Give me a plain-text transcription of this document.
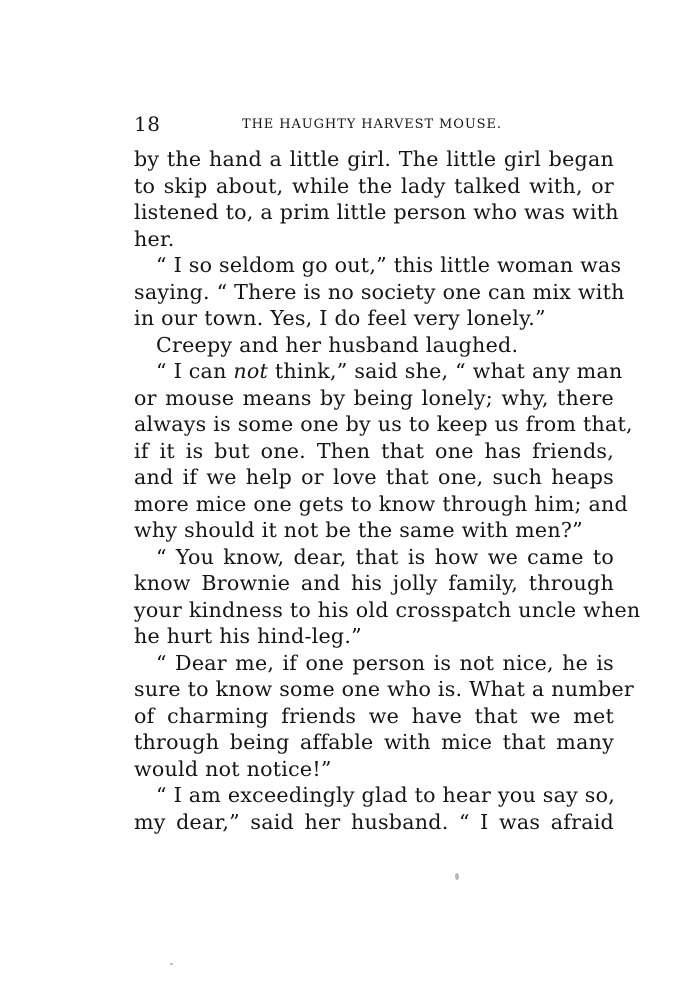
18	THE HAUGHTY HARVEST MOUSE.
by the hand a little girl. The little girl began
to skip about, while the lady talked with, or
listened to, a prim little person who was with
her.
“ I so seldom go out,” this little woman was
saying. “ There is no society one can mix with
in our town. Yes, I do feel very lonely.”
Creepy and her husband laughed.
“ I can not think,” said she, “ what any man
or mouse means by being lonely; why, there
always is some one by us to keep us from that,
if it is but one. Then that one has friends,
and if we help or love that one, such heaps
more mice one gets to know through him; and
why should it not be the same with men?”
“ You know, dear, that is how we came to
know Brownie and his jolly family, through
your kindness to his old crosspatch uncle when
he hurt his hind-leg.”
“ Dear me, if one person is not nice, he is
sure to know some one who is. What a number
of charming friends we have that we met
through being affable with mice that many
would not notice!”
“ I am exceedingly glad to hear you say so,
my dear,” said her husband. “ I was afraid
